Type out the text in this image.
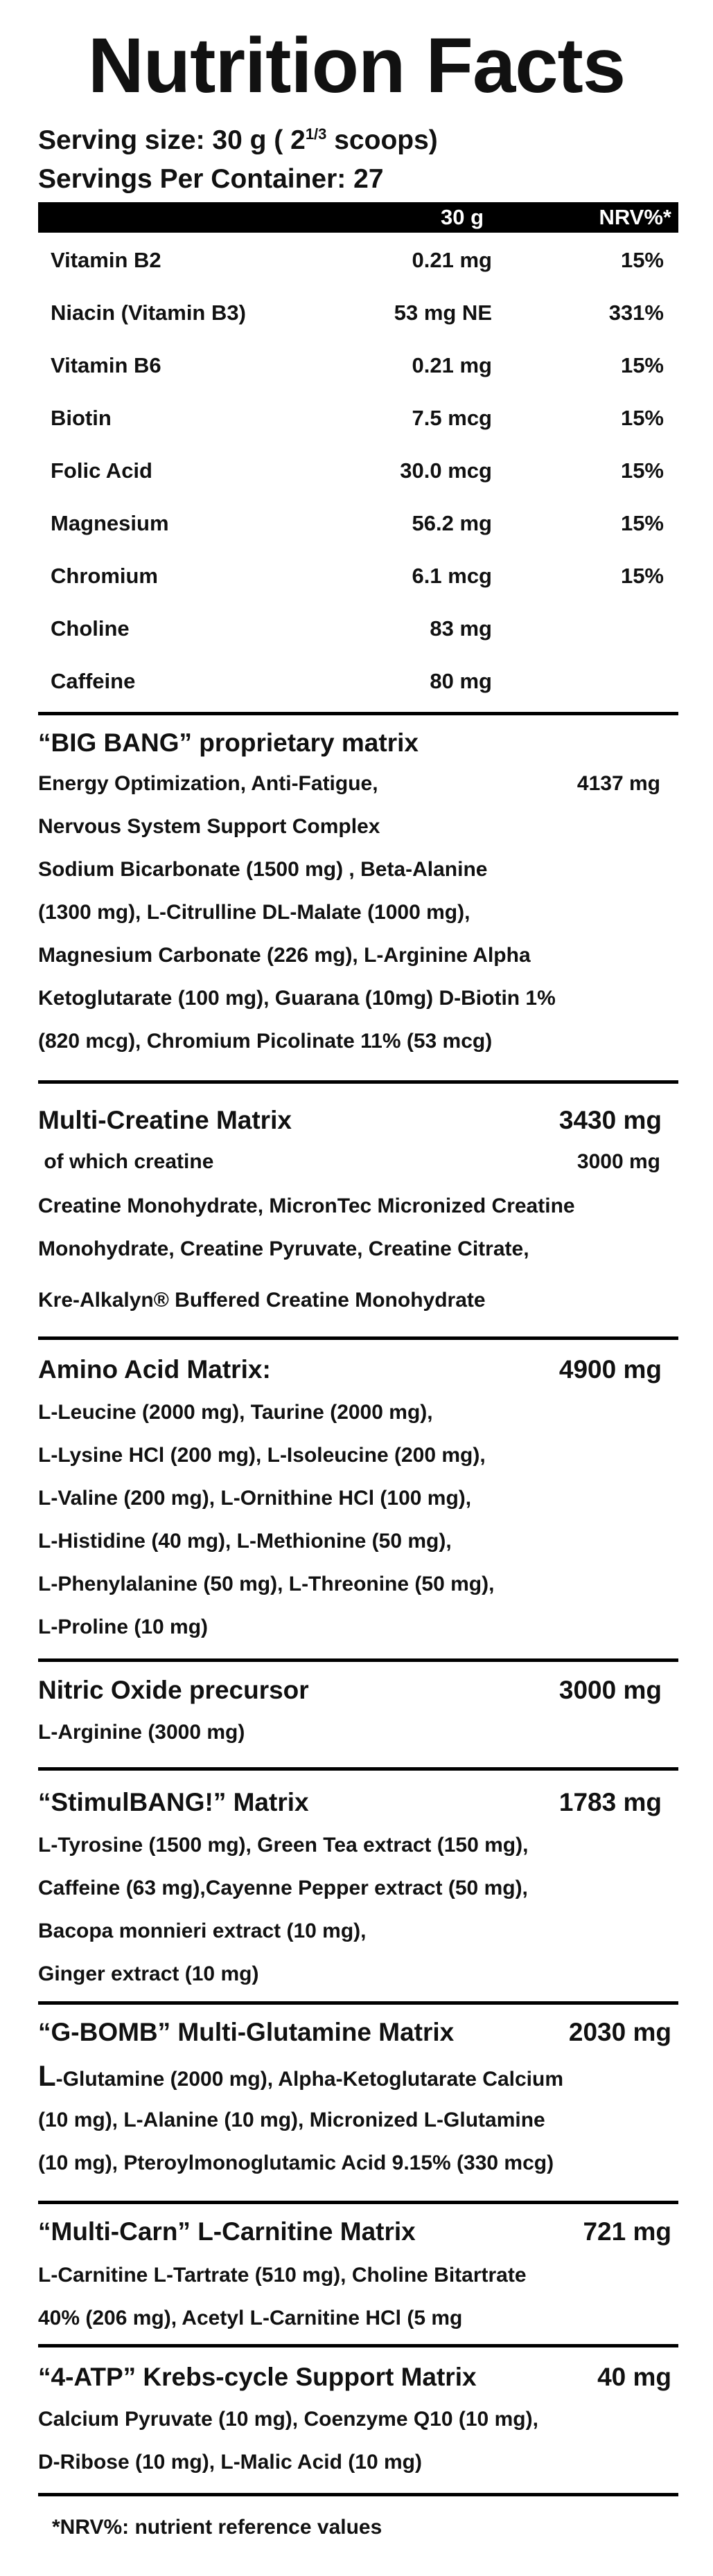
Nutrition Facts
Serving size: 30 g ( $2^{1/3}$ scoops)
Servings Per Container: 27
30 g	NRV%*
Vitamin B2	0.21 mg	15%
Niacin (Vitamin B3)	53 mg NE	331%
Vitamin B6	0.21 mg	15%
Biotin	7.5 mcg	15%
Folic Acid	30.0 mcg	15%
Magnesium	56.2 mg	15%
Chromium	6.1 mcg	15%
Choline	83 mg
Caffeine	80 mg
“BIG BANG” proprietary matrix
Energy Optimization, Anti-Fatigue,	4137 mg
Nervous System Support Complex
Sodium Bicarbonate (1500 mg) , Beta-Alanine
(1300 mg), L-Citrulline DL-Malate (1000 mg),
Magnesium Carbonate (226 mg), L-Arginine Alpha
Ketoglutarate (100 mg), Guarana (10mg) D-Biotin 1%
(820 mcg), Chromium Picolinate 11% (53 mcg)
Multi-Creatine Matrix	3430 mg
of which creatine	3000 mg
Creatine Monohydrate, MicronTec Micronized Creatine
Monohydrate, Creatine Pyruvate, Creatine Citrate,
Kre-Alkalyn® Buffered Creatine Monohydrate
Amino Acid Matrix:	4900 mg
L-Leucine (2000 mg), Taurine (2000 mg),
L-Lysine HCl (200 mg), L-Isoleucine (200 mg),
L-Valine (200 mg), L-Ornithine HCl (100 mg),
L-Histidine (40 mg), L-Methionine (50 mg),
L-Phenylalanine (50 mg), L-Threonine (50 mg),
L-Proline (10 mg)
Nitric Oxide precursor	3000 mg
L-Arginine (3000 mg)
“StimulBANG!” Matrix	1783 mg
L-Tyrosine (1500 mg), Green Tea extract (150 mg),
Caffeine (63 mg),Cayenne Pepper extract (50 mg),
Bacopa monnieri extract (10 mg),
Ginger extract (10 mg)
“G-BOMB” Multi-Glutamine Matrix	2030 mg
L-Glutamine (2000 mg), Alpha-Ketoglutarate Calcium
(10 mg), L-Alanine (10 mg), Micronized L-Glutamine
(10 mg), Pteroylmonoglutamic Acid 9.15% (330 mcg)
“Multi-Carn” L-Carnitine Matrix	721 mg
L-Carnitine L-Tartrate (510 mg), Choline Bitartrate
40% (206 mg), Acetyl L-Carnitine HCl (5 mg
“4-ATP” Krebs-cycle Support Matrix	40 mg
Calcium Pyruvate (10 mg), Coenzyme Q10 (10 mg),
D-Ribose (10 mg), L-Malic Acid (10 mg)
*NRV%: nutrient reference values
